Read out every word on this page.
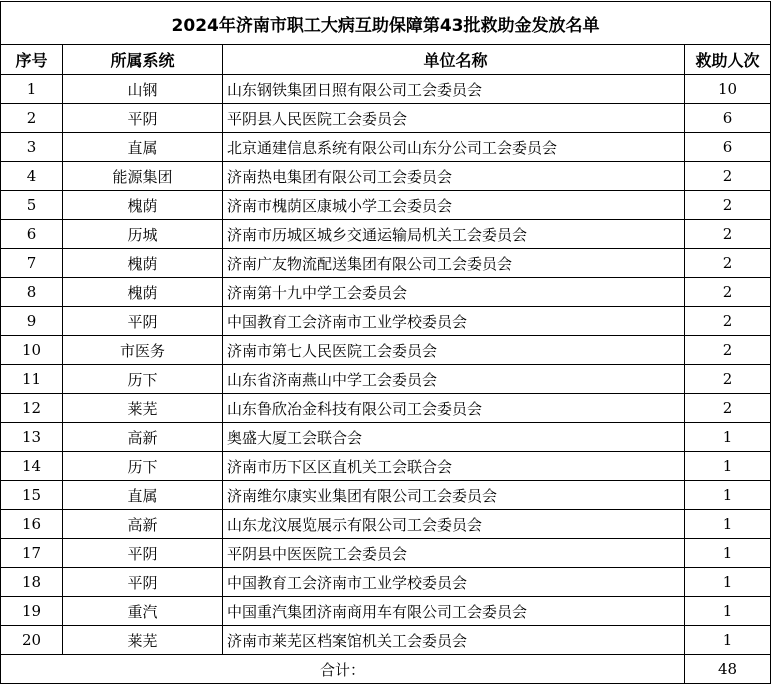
2024年济南市职工大病互助保障第43批救助金发放名单			
序号	所属系统	单位名称	救助人次
1	山钢	山东钢铁集团日照有限公司工会委员会	10
2	平阴	平阴县人民医院工会委员会	6
3	直属	北京通建信息系统有限公司山东分公司工会委员会	6
4	能源集团	济南热电集团有限公司工会委员会	2
5	槐荫	济南市槐荫区康城小学工会委员会	2
6	历城	济南市历城区城乡交通运输局机关工会委员会	2
7	槐荫	济南广友物流配送集团有限公司工会委员会	2
8	槐荫	济南第十九中学工会委员会	2
9	平阴	中国教育工会济南市工业学校委员会	2
10	市医务	济南市第七人民医院工会委员会	2
11	历下	山东省济南燕山中学工会委员会	2
12	莱芜	山东鲁欣冶金科技有限公司工会委员会	2
13	高新	奥盛大厦工会联合会	1
14	历下	济南市历下区区直机关工会联合会	1
15	直属	济南维尔康实业集团有限公司工会委员会	1
16	高新	山东龙汶展览展示有限公司工会委员会	1
17	平阴	平阴县中医医院工会委员会	1
18	平阴	中国教育工会济南市工业学校委员会	1
19	重汽	中国重汽集团济南商用车有限公司工会委员会	1
20	莱芜	济南市莱芜区档案馆机关工会委员会	1
合计：			48
